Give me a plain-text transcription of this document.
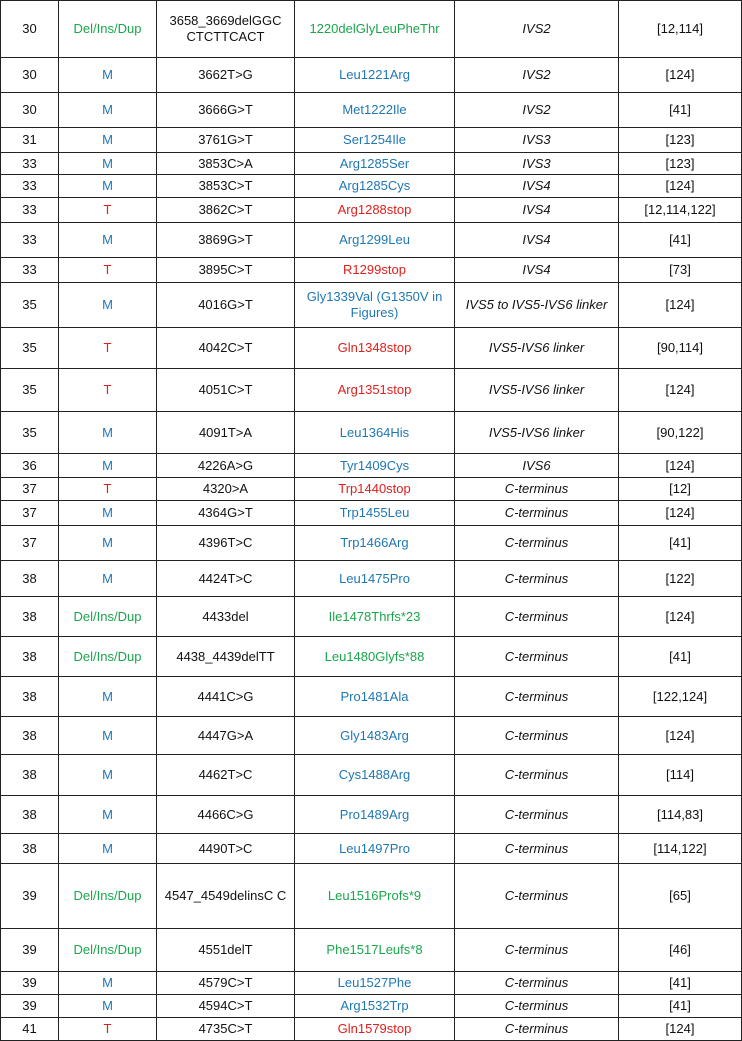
30	Del/Ins/Dup	3658_3669delGGC CTCTTCACT	1220delGlyLeuPheThr	IVS2	[12,114]
30	M	3662T>G	Leu1221Arg	IVS2	[124]
30	M	3666G>T	Met1222Ile	IVS2	[41]
31	M	3761G>T	Ser1254Ile	IVS3	[123]
33	M	3853C>A	Arg1285Ser	IVS3	[123]
33	M	3853C>T	Arg1285Cys	IVS4	[124]
33	T	3862C>T	Arg1288stop	IVS4	[12,114,122]
33	M	3869G>T	Arg1299Leu	IVS4	[41]
33	T	3895C>T	R1299stop	IVS4	[73]
35	M	4016G>T	Gly1339Val (G1350V in Figures)	IVS5 to IVS5-IVS6 linker	[124]
35	T	4042C>T	Gln1348stop	IVS5-IVS6 linker	[90,114]
35	T	4051C>T	Arg1351stop	IVS5-IVS6 linker	[124]
35	M	4091T>A	Leu1364His	IVS5-IVS6 linker	[90,122]
36	M	4226A>G	Tyr1409Cys	IVS6	[124]
37	T	4320>A	Trp1440stop	C-terminus	[12]
37	M	4364G>T	Trp1455Leu	C-terminus	[124]
37	M	4396T>C	Trp1466Arg	C-terminus	[41]
38	M	4424T>C	Leu1475Pro	C-terminus	[122]
38	Del/Ins/Dup	4433del	Ile1478Thrfs*23	C-terminus	[124]
38	Del/Ins/Dup	4438_4439delTT	Leu1480Glyfs*88	C-terminus	[41]
38	M	4441C>G	Pro1481Ala	C-terminus	[122,124]
38	M	4447G>A	Gly1483Arg	C-terminus	[124]
38	M	4462T>C	Cys1488Arg	C-terminus	[114]
38	M	4466C>G	Pro1489Arg	C-terminus	[114,83]
38	M	4490T>C	Leu1497Pro	C-terminus	[114,122]
39	Del/Ins/Dup	4547_4549delinsC C	Leu1516Profs*9	C-terminus	[65]
39	Del/Ins/Dup	4551delT	Phe1517Leufs*8	C-terminus	[46]
39	M	4579C>T	Leu1527Phe	C-terminus	[41]
39	M	4594C>T	Arg1532Trp	C-terminus	[41]
41	T	4735C>T	Gln1579stop	C-terminus	[124]
